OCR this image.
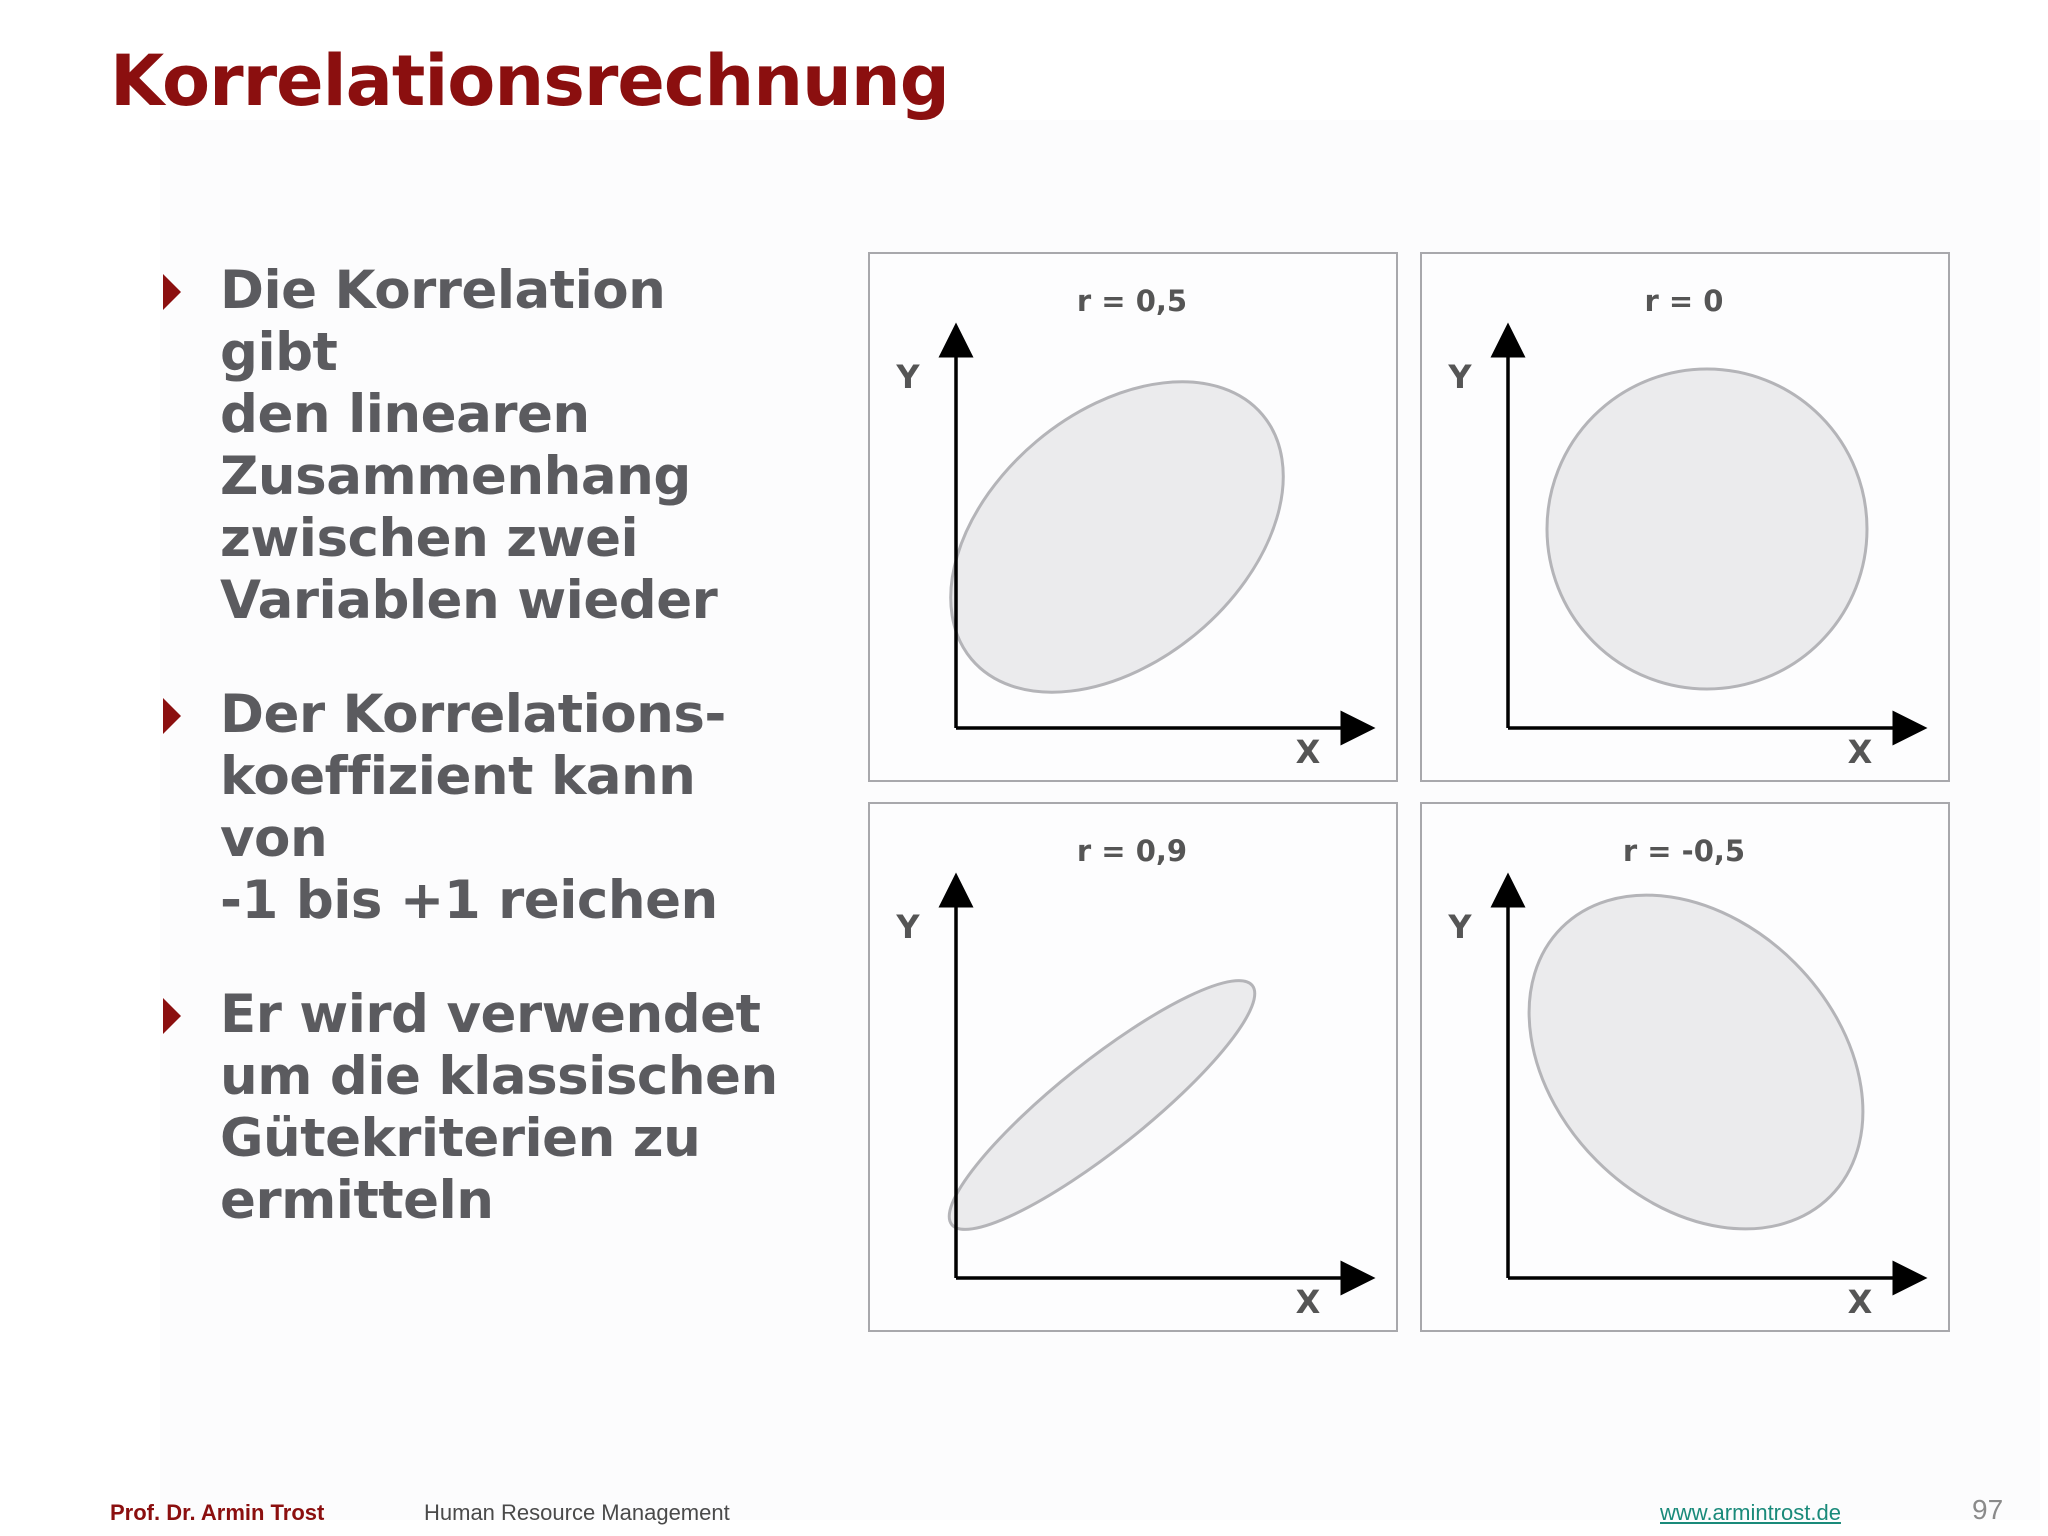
Korrelationsrechnung
Die Korrelation gibt
den linearen
Zusammenhang
zwischen zwei
Variablen wieder
Der Korrelations-
koeffizient kann von
-1 bis +1 reichen
Er wird verwendet
um die klassischen
Gütekriterien zu
ermitteln
r = 0,5
Y
X
r = 0
Y
X
r = 0,9
Y
X
r = -0,5
Y
X
Prof. Dr. Armin Trost	Human Resource Management	www.armintrost.de	97
